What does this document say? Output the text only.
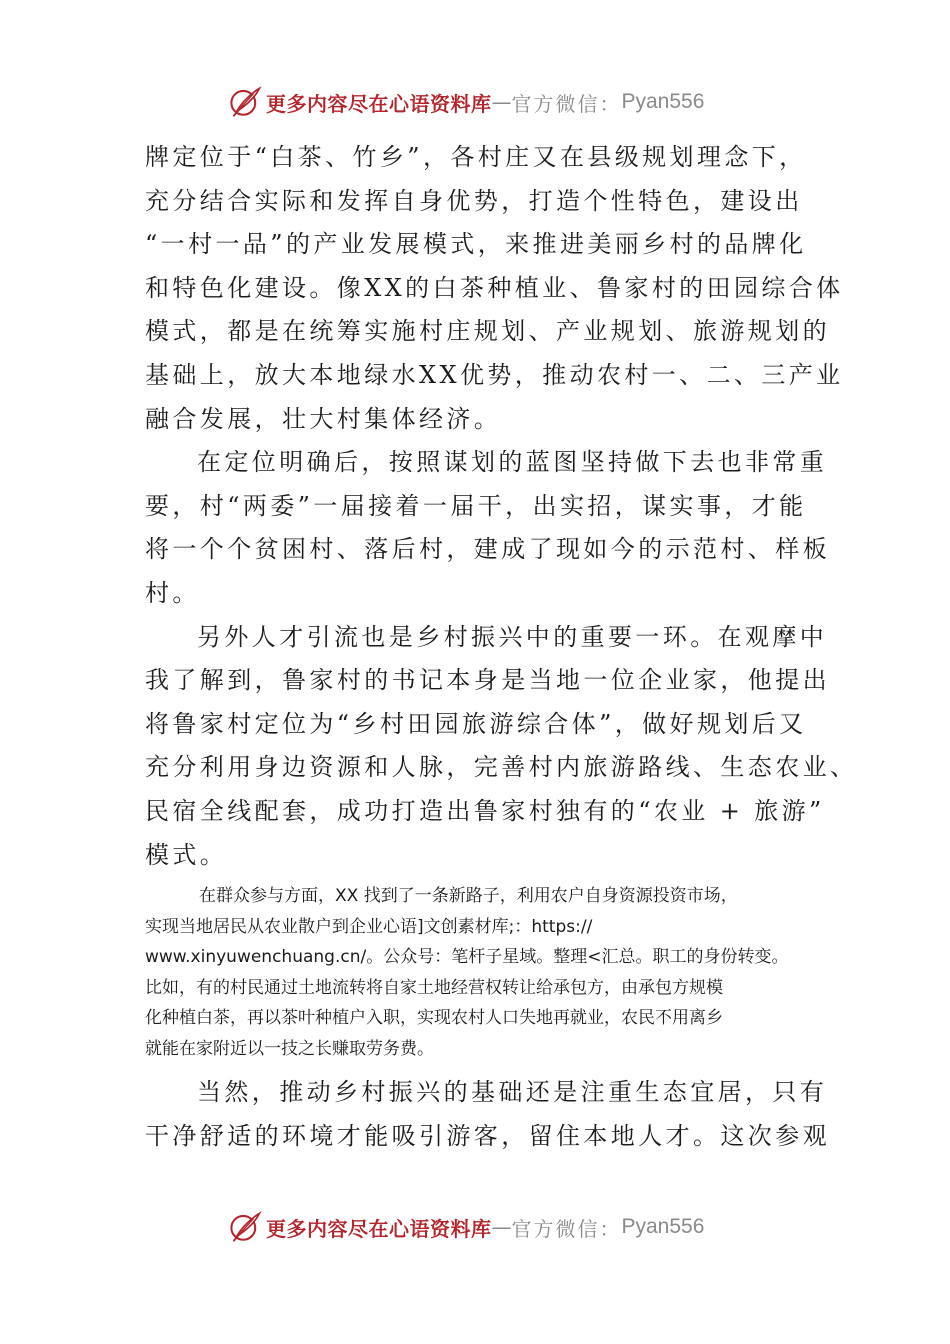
更多内容尽在心语资料库 — 官方微信： Pyan556
牌定位于“白茶、竹乡”，各村庄又在县级规划理念下，
充分结合实际和发挥自身优势，打造个性特色，建设出
“一村一品”的产业发展模式，来推进美丽乡村的品牌化
和特色化建设。像XX的白茶种植业、鲁家村的田园综合体
模式，都是在统筹实施村庄规划、产业规划、旅游规划的
基础上，放大本地绿水XX优势，推动农村一、二、三产业
融合发展，壮大村集体经济。
在定位明确后，按照谋划的蓝图坚持做下去也非常重
要，村“两委”一届接着一届干，出实招，谋实事，才能
将一个个贫困村、落后村，建成了现如今的示范村、样板
村。
另外人才引流也是乡村振兴中的重要一环。在观摩中
我了解到，鲁家村的书记本身是当地一位企业家，他提出
将鲁家村定位为“乡村田园旅游综合体”，做好规划后又
充分利用身边资源和人脉，完善村内旅游路线、生态农业、
民宿全线配套，成功打造出鲁家村独有的“农业 + 旅游”
模式。
在群众参与方面，XX 找到了一条新路子，利用农户自身资源投资市场，
实现当地居民从农业散户到企业心语]文创素材库;：https://
www.xinyuwenchuang.cn/。公众号：笔杆子星域。整理<汇总。职工的身份转变。
比如，有的村民通过土地流转将自家土地经营权转让给承包方，由承包方规模
化种植白茶，再以茶叶种植户入职，实现农村人口失地再就业，农民不用离乡
就能在家附近以一技之长赚取劳务费。
当然，推动乡村振兴的基础还是注重生态宜居，只有
干净舒适的环境才能吸引游客，留住本地人才。这次参观
更多内容尽在心语资料库 — 官方微信： Pyan556
